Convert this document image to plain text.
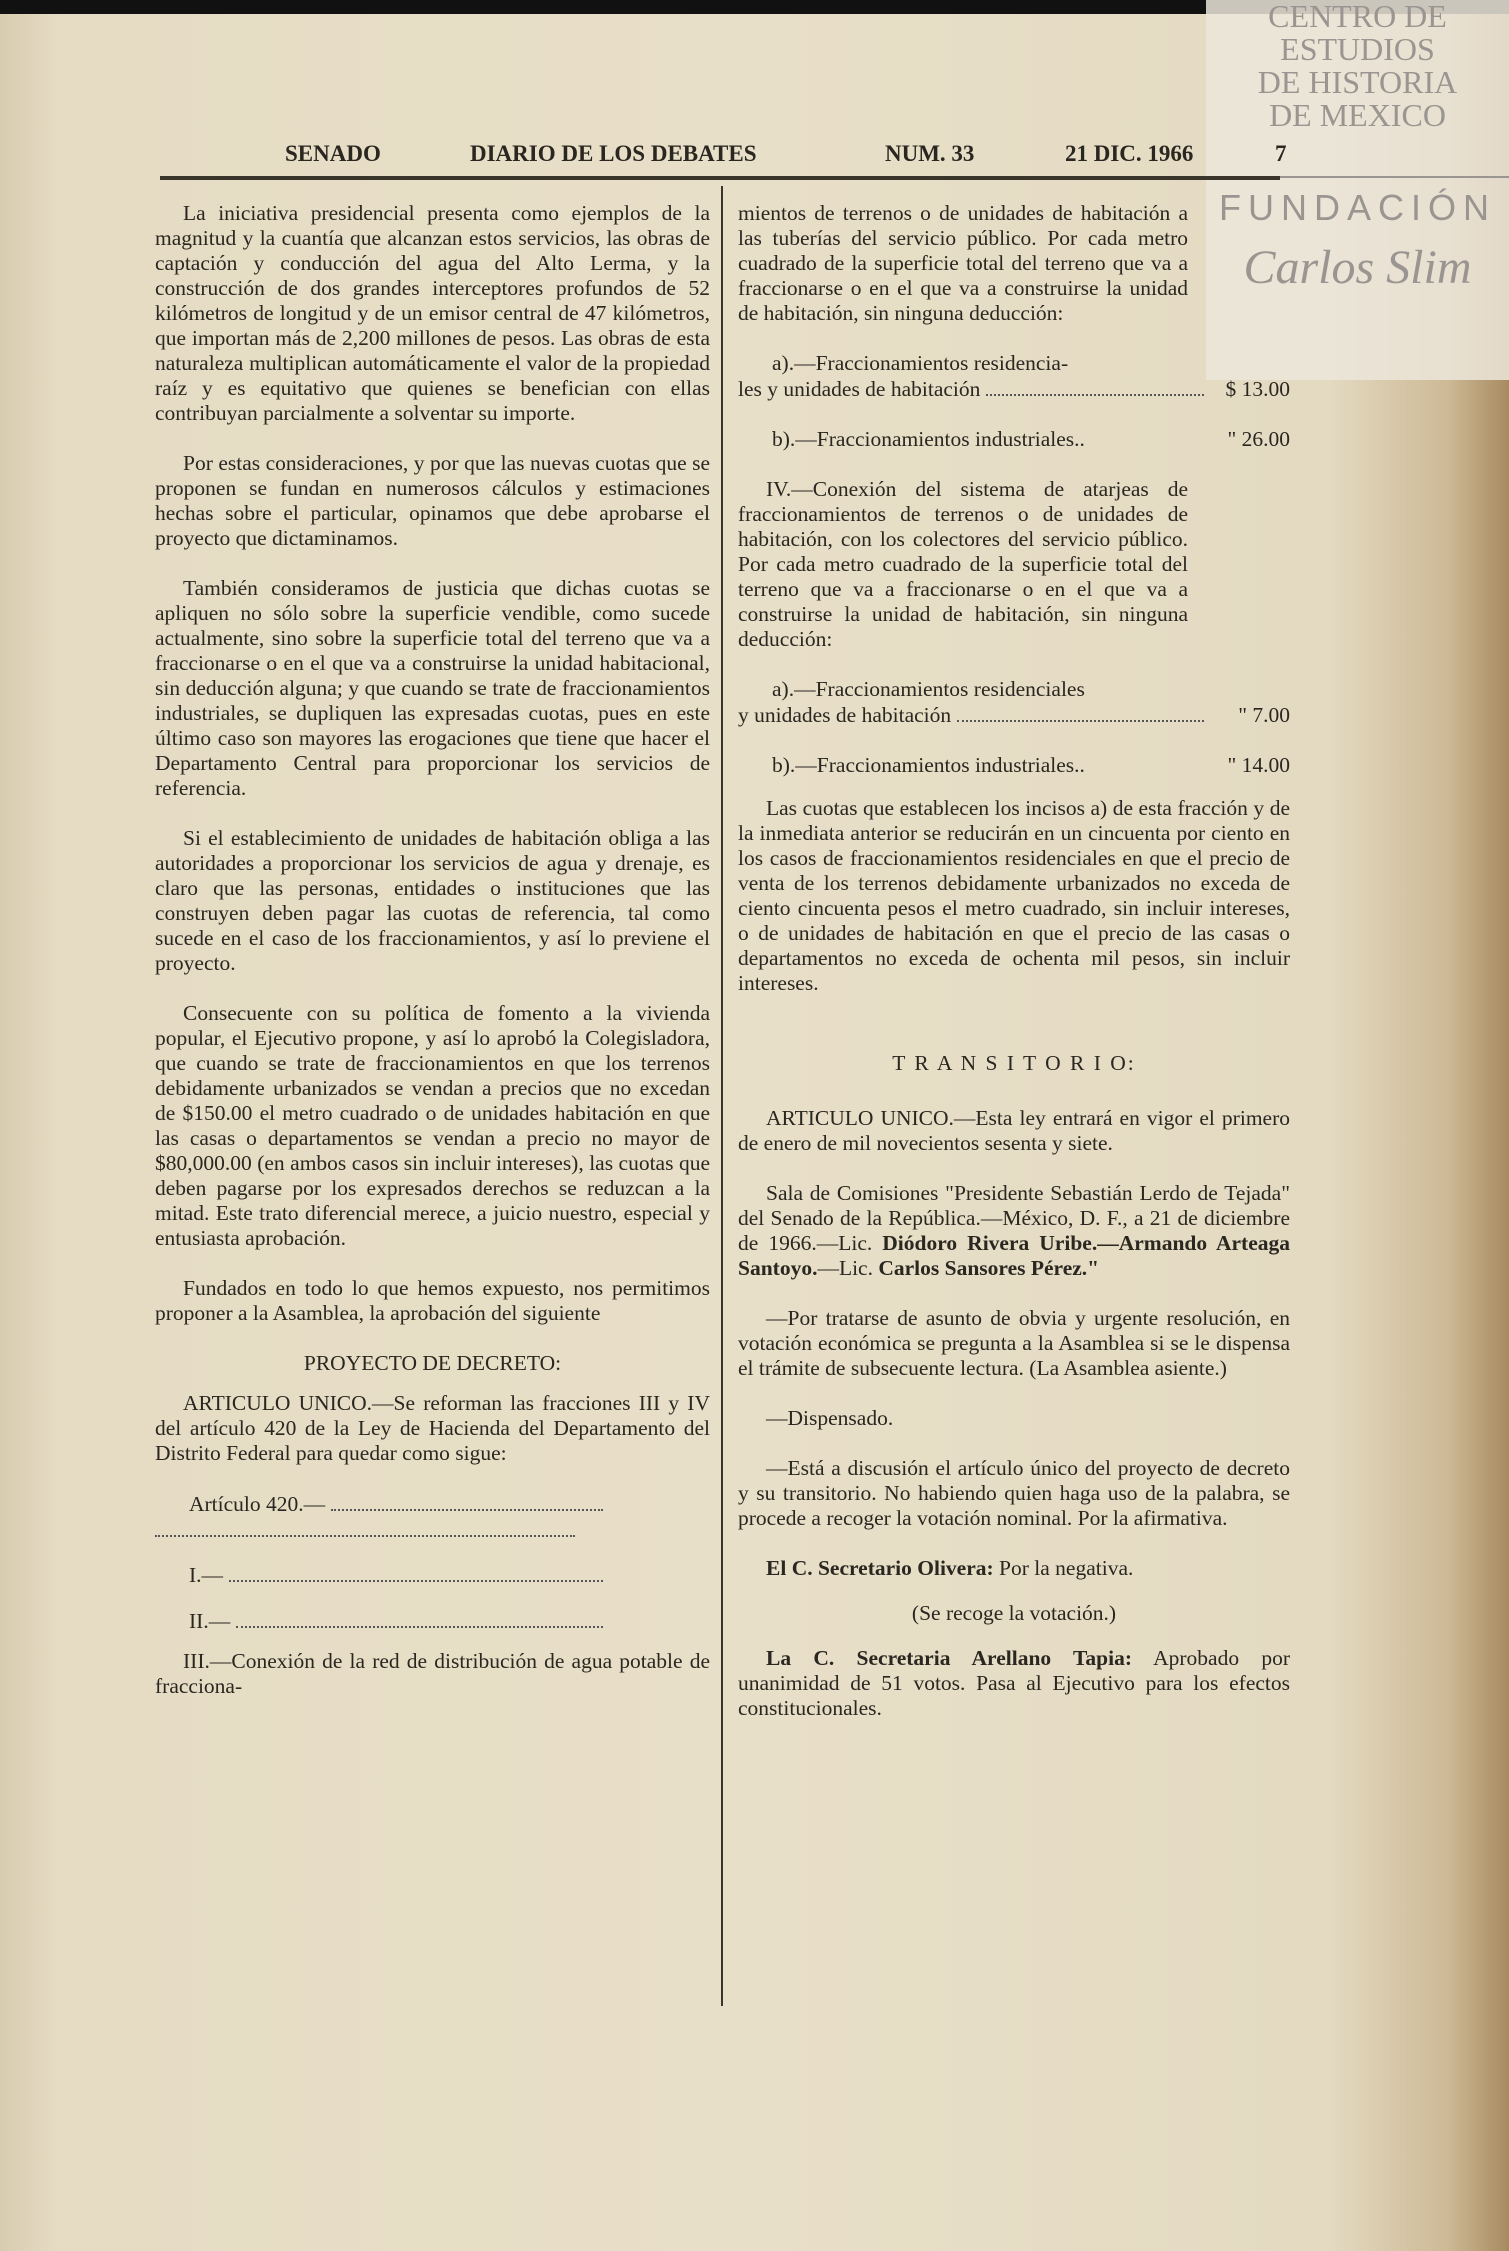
CENTRO DE
ESTUDIOS
DE HISTORIA
DE MEXICO
FUNDACIÓN
Carlos Slim
SENADO	DIARIO DE LOS DEBATES	NUM. 33	21 DIC. 1966	7

La iniciativa presidencial presenta como ejemplos de la magnitud y la cuantía que alcanzan estos servicios, las obras de captación y conducción del agua del Alto Lerma, y la construcción de dos grandes interceptores profundos de 52 kilómetros de longitud y de un emisor central de 47 kilómetros, que importan más de 2,200 millones de pesos. Las obras de esta naturaleza multiplican automáticamente el valor de la propiedad raíz y es equitativo que quienes se benefician con ellas contribuyan parcialmente a solventar su importe.

Por estas consideraciones, y por que las nuevas cuotas que se proponen se fundan en numerosos cálculos y estimaciones hechas sobre el particular, opinamos que debe aprobarse el proyecto que dictaminamos.

También consideramos de justicia que dichas cuotas se apliquen no sólo sobre la superficie vendible, como sucede actualmente, sino sobre la superficie total del terreno que va a fraccionarse o en el que va a construirse la unidad habitacional, sin deducción alguna; y que cuando se trate de fraccionamientos industriales, se dupliquen las expresadas cuotas, pues en este último caso son mayores las erogaciones que tiene que hacer el Departamento Central para proporcionar los servicios de referencia.

Si el establecimiento de unidades de habitación obliga a las autoridades a proporcionar los servicios de agua y drenaje, es claro que las personas, entidades o instituciones que las construyen deben pagar las cuotas de referencia, tal como sucede en el caso de los fraccionamientos, y así lo previene el proyecto.

Consecuente con su política de fomento a la vivienda popular, el Ejecutivo propone, y así lo aprobó la Colegisladora, que cuando se trate de fraccionamientos en que los terrenos debidamente urbanizados se vendan a precios que no excedan de $150.00 el metro cuadrado o de unidades habitación en que las casas o departamentos se vendan a precio no mayor de $80,000.00 (en ambos casos sin incluir intereses), las cuotas que deben pagarse por los expresados derechos se reduzcan a la mitad. Este trato diferencial merece, a juicio nuestro, especial y entusiasta aprobación.

Fundados en todo lo que hemos expuesto, nos permitimos proponer a la Asamblea, la aprobación del siguiente

PROYECTO DE DECRETO:

ARTICULO UNICO.—Se reforman las fracciones III y IV del artículo 420 de la Ley de Hacienda del Departamento del Distrito Federal para quedar como sigue:

Artículo 420.—
I.—
II.—

III.—Conexión de la red de distribución de agua potable de fracciona-

mientos de terrenos o de unidades de habitación a las tuberías del servicio público. Por cada metro cuadrado de la superficie total del terreno que va a fraccionarse o en el que va a construirse la unidad de habitación, sin ninguna deducción:

a).—Fraccionamientos residencia-
les y unidades de habitación	$ 13.00
b).—Fraccionamientos industriales..	" 26.00

IV.—Conexión del sistema de atarjeas de fraccionamientos de terrenos o de unidades de habitación, con los colectores del servicio público. Por cada metro cuadrado de la superficie total del terreno que va a fraccionarse o en el que va a construirse la unidad de habitación, sin ninguna deducción:

a).—Fraccionamientos residenciales
y unidades de habitación	" 7.00
b).—Fraccionamientos industriales..	" 14.00

Las cuotas que establecen los incisos a) de esta fracción y de la inmediata anterior se reducirán en un cincuenta por ciento en los casos de fraccionamientos residenciales en que el precio de venta de los terrenos debidamente urbanizados no exceda de ciento cincuenta pesos el metro cuadrado, sin incluir intereses, o de unidades de habitación en que el precio de las casas o departamentos no exceda de ochenta mil pesos, sin incluir intereses.

T R A N S I T O R I O:

ARTICULO UNICO.—Esta ley entrará en vigor el primero de enero de mil novecientos sesenta y siete.

Sala de Comisiones "Presidente Sebastián Lerdo de Tejada" del Senado de la República.—México, D. F., a 21 de diciembre de 1966.—Lic. Diódoro Rivera Uribe.—Armando Arteaga Santoyo.—Lic. Carlos Sansores Pérez."

—Por tratarse de asunto de obvia y urgente resolución, en votación económica se pregunta a la Asamblea si se le dispensa el trámite de subsecuente lectura. (La Asamblea asiente.)

—Dispensado.

—Está a discusión el artículo único del proyecto de decreto y su transitorio. No habiendo quien haga uso de la palabra, se procede a recoger la votación nominal. Por la afirmativa.

El C. Secretario Olivera: Por la negativa.

(Se recoge la votación.)

La C. Secretaria Arellano Tapia: Aprobado por unanimidad de 51 votos. Pasa al Ejecutivo para los efectos constitucionales.
